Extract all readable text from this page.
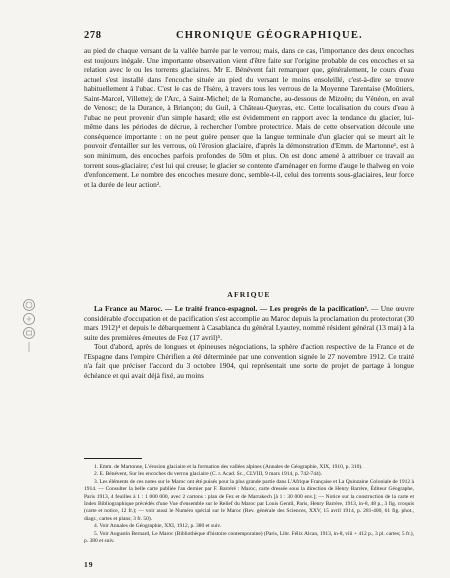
278	CHRONIQUE GÉOGRAPHIQUE.

au pied de chaque versant de la vallée barrée par le verrou; mais, dans ce cas, l'importance des deux encoches est toujours inégale. Une importante observation vient d'être faite sur l'origine probable de ces encoches et sa relation avec le ou les torrents glaciaires. Mr E. Bénévent fait remarquer que, généralement, le cours d'eau actuel s'est installé dans l'encoche située au pied du versant le moins ensoleillé, c'est-à-dire se trouve habituellement à l'ubac. C'est le cas de l'Isère, à travers tous les verrous de la Moyenne Tarentaise (Moûtiers, Saint-Marcel, Villette); de l'Arc, à Saint-Michel; de la Romanche, au-dessous de Mizoën; du Vénéon, en aval de Venosc; de la Durance, à Briançon; du Guil, à Château-Queyras, etc. Cette localisation du cours d'eau à l'ubac ne peut provenir d'un simple hasard; elle est évidemment en rapport avec la tendance du glacier, lui-même dans les périodes de décrue, à rechercher l'ombre protectrice. Mais de cette observation découle une conséquence importante : on ne peut guère penser que la langue terminale d'un glacier qui se meurt ait le pouvoir d'entailler sur les verrous, où l'érosion glaciaire, d'après la démonstration d'Emm. de Martonne¹, est à son minimum, des encoches parfois profondes de 50m et plus. On est donc amené à attribuer ce travail au torrent sous-glaciaire; c'est lui qui creuse; le glacier se contente d'aménager en forme d'auge le thalweg en voie d'enfoncement. Le nombre des encoches mesure donc, semble-t-il, celui des torrents sous-glaciaires, leur force et la durée de leur action².

AFRIQUE

La France au Maroc. — Le traité franco-espagnol. — Les progrès de la pacification³. — Une œuvre considérable d'occupation et de pacification s'est accomplie au Maroc depuis la proclamation du protectorat (30 mars 1912)⁴ et depuis le débarquement à Casablanca du général Lyautey, nommé résident général (13 mai) à la suite des premières émeutes de Fez (17 avril)⁵.

Tout d'abord, après de longues et épineuses négociations, la sphère d'action respective de la France et de l'Espagne dans l'empire Chérifien a été déterminée par une convention signée le 27 novembre 1912. Ce traité n'a fait que préciser l'accord du 3 octobre 1904, qui représentait une sorte de projet de partage à longue échéance et qui avait déjà fixé, au moins

1. Emm. de Martonne, L'érosion glaciaire et la formation des vallées alpines (Annales de Géographie, XIX, 1910, p. 310).

2. E. Bénévent, Sur les encoches du verrou glaciaire (C. r. Acad. Sc., CLVIII, 9 mars 1914, p. 742-744).

3. Les éléments de ces notes sur le Maroc ont été puisés pour la plus grande partie dans L'Afrique Française et La Quinzaine Coloniale de 1912 à 1914. — Consulter la belle carte publiée l'an dernier par F. Barréré : Maroc, carte dressée sous la direction de Henry Barrère, Éditeur Géographe, Paris 1913, 4 feuilles à 1 : 1 000 000, avec 2 cartons : plan de Fez et de Marrakech [à 1 : 30 000 env.]; — Notice sur la construction de la carte et Index Bibliographique précédés d'une Vue d'ensemble sur le Relief du Maroc par Louis Gentil, Paris, Henry Barrère, 1913, in-8, 48 p., 3 fig. croquis (carte et notice, 12 fr.); — voir aussi le Numéro spécial sur le Maroc (Rev. générale des Sciences, XXV, 15 avril 1914, p. 281-400, 61 fig. phot., diagr., cartes et plans; 3 fr. 50).

4. Voir Annales de Géographie, XXI, 1912, p. 380 et suiv.

5. Voir Augustin Bernard, Le Maroc (Bibliothèque d'histoire contemporaine) (Paris, Libr. Félix Alcan, 1913, in-8, viii + 412 p., 3 pl. cartes; 5 fr.), p. 380 et suiv.

19
